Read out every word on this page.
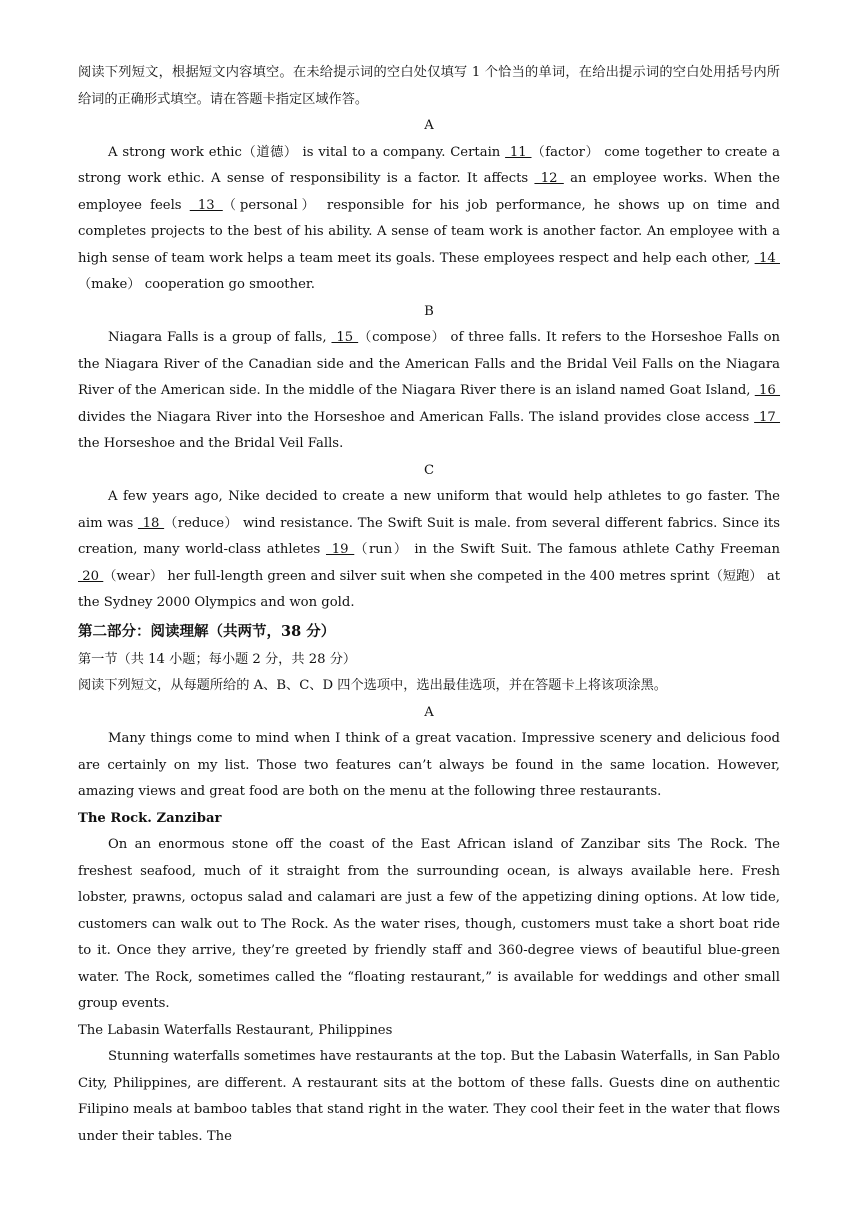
阅读下列短文，根据短文内容填空。在未给提示词的空白处仅填写 1 个恰当的单词，在给出提示词的空白处用括号内所给词的正确形式填空。请在答题卡指定区域作答。

A

A strong work ethic（道德） is vital to a company. Certain  11 （factor） come together to create a strong work ethic. A sense of responsibility is a factor. It affects  12  an employee works. When the employee feels  13 （personal） responsible for his job performance, he shows up on time and completes projects to the best of his ability. A sense of team work is another factor. An employee with a high sense of team work helps a team meet its goals. These employees respect and help each other,  14  （make） cooperation go smoother.

B

Niagara Falls is a group of falls,  15 （compose） of three falls. It refers to the Horseshoe Falls on the Niagara River of the Canadian side and the American Falls and the Bridal Veil Falls on the Niagara River of the American side. In the middle of the Niagara River there is an island named Goat Island,  16  divides the Niagara River into the Horseshoe and American Falls. The island provides close access  17  the Horseshoe and the Bridal Veil Falls.

C

A few years ago, Nike decided to create a new uniform that would help athletes to go faster. The aim was  18 （reduce） wind resistance. The Swift Suit is male. from several different fabrics. Since its creation, many world-class athletes  19 （run） in the Swift Suit. The famous athlete Cathy Freeman  20 （wear） her full-length green and silver suit when she competed in the 400 metres sprint（短跑） at the Sydney 2000 Olympics and won gold.

第二部分：阅读理解（共两节，38 分）

第一节（共 14 小题；每小题 2 分，共 28 分）

阅读下列短文，从每题所给的 A、B、C、D 四个选项中，选出最佳选项，并在答题卡上将该项涂黑。

A

Many things come to mind when I think of a great vacation. Impressive scenery and delicious food are certainly on my list. Those two features can’t always be found in the same location. However, amazing views and great food are both on the menu at the following three restaurants.

The Rock. Zanzibar

On an enormous stone off the coast of the East African island of Zanzibar sits The Rock. The freshest seafood, much of it straight from the surrounding ocean, is always available here. Fresh lobster, prawns, octopus salad and calamari are just a few of the appetizing dining options. At low tide, customers can walk out to The Rock. As the water rises, though, customers must take a short boat ride to it. Once they arrive, they’re greeted by friendly staff and 360-degree views of beautiful blue-green water. The Rock, sometimes called the “floating restaurant,” is available for weddings and other small group events.

The Labasin Waterfalls Restaurant, Philippines

Stunning waterfalls sometimes have restaurants at the top. But the Labasin Waterfalls, in San Pablo City, Philippines, are different. A restaurant sits at the bottom of these falls. Guests dine on authentic Filipino meals at bamboo tables that stand right in the water. They cool their feet in the water that flows under their tables. The
